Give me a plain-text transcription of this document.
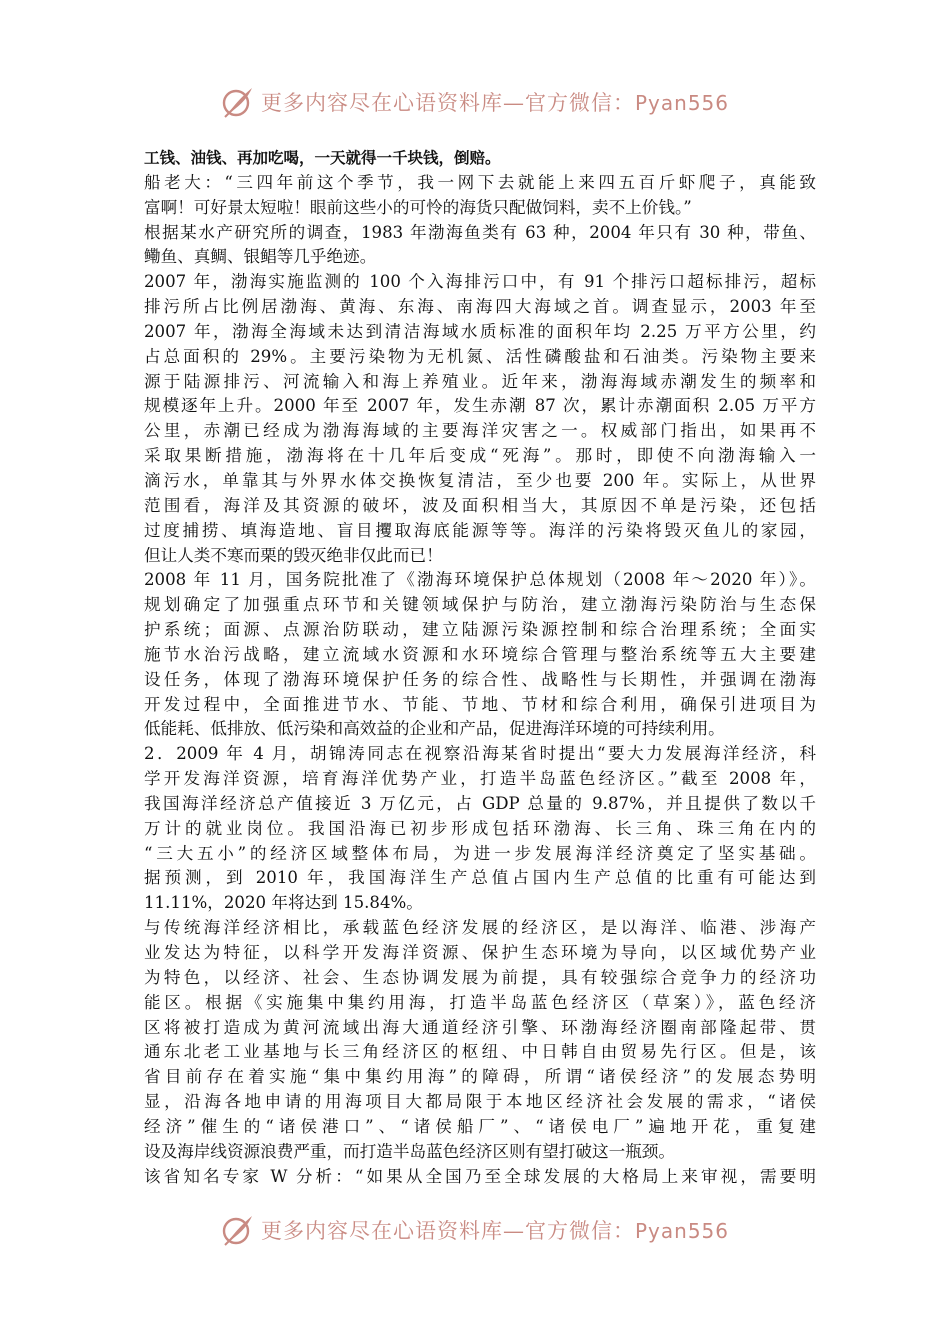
更多内容尽在心语资料库—官方微信：Pyan556
工钱、油钱、再加吃喝，一天就得一千块钱，倒赔。
船老大：“三四年前这个季节，我一网下去就能上来四五百斤虾爬子，真能致
富啊！可好景太短啦！眼前这些小的可怜的海货只配做饲料，卖不上价钱。”
根据某水产研究所的调查，1983 年渤海鱼类有 63 种，2004 年只有 30 种，带鱼、
鳓鱼、真鲷、银鲳等几乎绝迹。
2007 年，渤海实施监测的 100 个入海排污口中，有 91 个排污口超标排污，超标
排污所占比例居渤海、黄海、东海、南海四大海域之首。调查显示，2003 年至
2007 年，渤海全海域未达到清洁海域水质标准的面积年均 2.25 万平方公里，约
占总面积的 29%。主要污染物为无机氮、活性磷酸盐和石油类。污染物主要来
源于陆源排污、河流输入和海上养殖业。近年来，渤海海域赤潮发生的频率和
规模逐年上升。2000 年至 2007 年，发生赤潮 87 次，累计赤潮面积 2.05 万平方
公里，赤潮已经成为渤海海域的主要海洋灾害之一。权威部门指出，如果再不
采取果断措施，渤海将在十几年后变成“死海”。那时，即使不向渤海输入一
滴污水，单靠其与外界水体交换恢复清洁，至少也要 200 年。实际上，从世界
范围看，海洋及其资源的破坏，波及面积相当大，其原因不单是污染，还包括
过度捕捞、填海造地、盲目攫取海底能源等等。海洋的污染将毁灭鱼儿的家园，
但让人类不寒而栗的毁灭绝非仅此而已！
2008 年 11 月，国务院批准了《渤海环境保护总体规划（2008 年～2020 年）》。
规划确定了加强重点环节和关键领域保护与防治，建立渤海污染防治与生态保
护系统；面源、点源治防联动，建立陆源污染源控制和综合治理系统；全面实
施节水治污战略，建立流域水资源和水环境综合管理与整治系统等五大主要建
设任务，体现了渤海环境保护任务的综合性、战略性与长期性，并强调在渤海
开发过程中，全面推进节水、节能、节地、节材和综合利用，确保引进项目为
低能耗、低排放、低污染和高效益的企业和产品，促进海洋环境的可持续利用。
2．2009 年 4 月，胡锦涛同志在视察沿海某省时提出“要大力发展海洋经济，科
学开发海洋资源，培育海洋优势产业，打造半岛蓝色经济区。”截至 2008 年，
我国海洋经济总产值接近 3 万亿元，占 GDP 总量的 9.87%，并且提供了数以千
万计的就业岗位。我国沿海已初步形成包括环渤海、长三角、珠三角在内的
“三大五小”的经济区域整体布局，为进一步发展海洋经济奠定了坚实基础。
据预测，到 2010 年，我国海洋生产总值占国内生产总值的比重有可能达到
11.11%，2020 年将达到 15.84%。
与传统海洋经济相比，承载蓝色经济发展的经济区，是以海洋、临港、涉海产
业发达为特征，以科学开发海洋资源、保护生态环境为导向，以区域优势产业
为特色，以经济、社会、生态协调发展为前提，具有较强综合竞争力的经济功
能区。根据《实施集中集约用海，打造半岛蓝色经济区（草案）》，蓝色经济
区将被打造成为黄河流域出海大通道经济引擎、环渤海经济圈南部隆起带、贯
通东北老工业基地与长三角经济区的枢纽、中日韩自由贸易先行区。但是，该
省目前存在着实施“集中集约用海”的障碍，所谓“诸侯经济”的发展态势明
显，沿海各地申请的用海项目大都局限于本地区经济社会发展的需求，“诸侯
经济”催生的“诸侯港口”、“诸侯船厂”、“诸侯电厂”遍地开花，重复建
设及海岸线资源浪费严重，而打造半岛蓝色经济区则有望打破这一瓶颈。
该省知名专家 W 分析：“如果从全国乃至全球发展的大格局上来审视，需要明
更多内容尽在心语资料库—官方微信：Pyan556
